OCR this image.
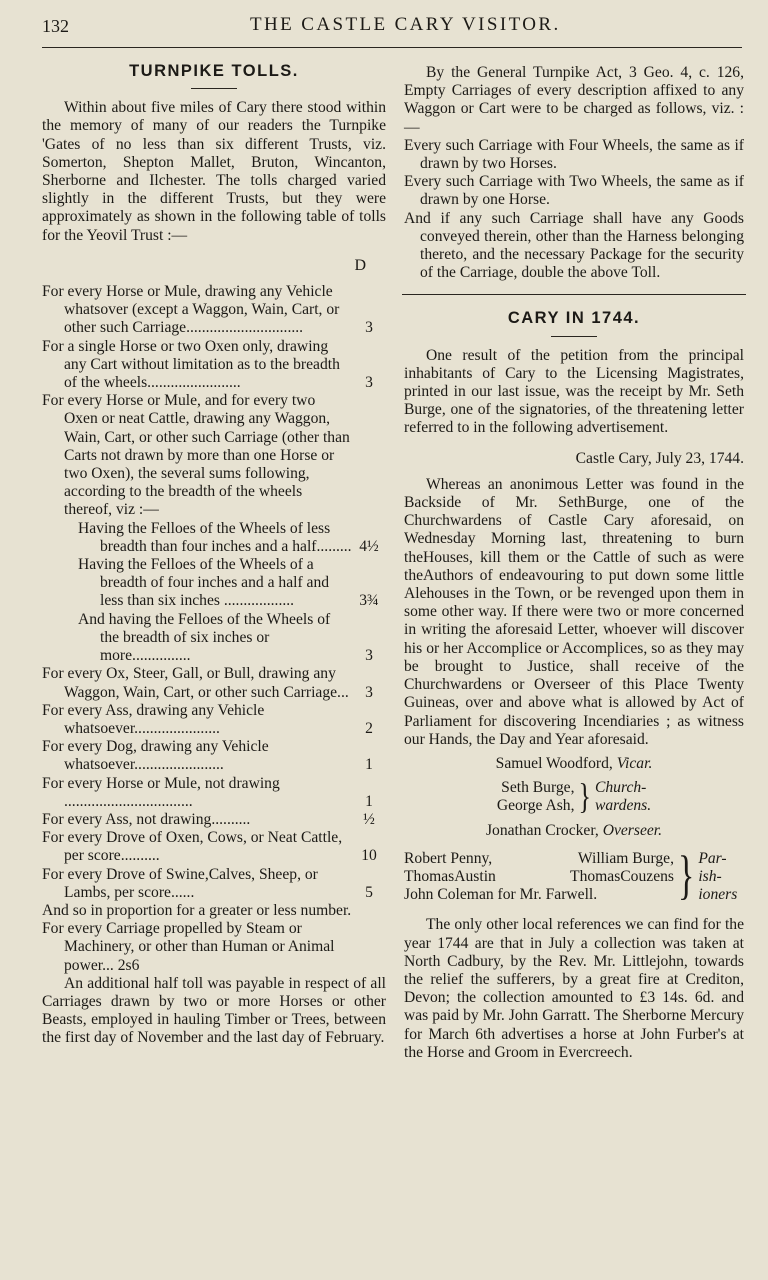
132	THE CASTLE CARY VISITOR.
TURNPIKE TOLLS.

Within about five miles of Cary there stood within the memory of many of our readers the Turnpike 'Gates of no less than six different Trusts, viz. Somerton, Shepton Mallet, Bruton, Wincanton, Sherborne and Ilchester. The tolls charged varied slightly in the different Trusts, but they were approximately as shown in the following table of tolls for the Yeovil Trust :—

D
For every Horse or Mule, drawing any Vehicle whatsover (except a Waggon, Wain, Cart, or other such Carriage..............................	3
For a single Horse or two Oxen only, drawing any Cart without limitation as to the breadth of the wheels........................	3
For every Horse or Mule, and for every two Oxen or neat Cattle, drawing any Waggon, Wain, Cart, or other such Carriage (other than Carts not drawn by more than one Horse or two Oxen), the several sums following, according to the breadth of the wheels thereof, viz :—
Having the Felloes of the Wheels of less breadth than four inches and a half......... 4½
Having the Felloes of the Wheels of a breadth of four inches and a half and less than six inches ..................	3¾
And having the Felloes of the Wheels of the breadth of six inches or more...............	3
For every Ox, Steer, Gall, or Bull, drawing any Waggon, Wain, Cart, or other such Carriage...	3
For every Ass, drawing any Vehicle whatsoever......................	2
For every Dog, drawing any Vehicle whatsoever.......................	1
For every Horse or Mule, not drawing .................................	1
For every Ass, not drawing..........	½
For every Drove of Oxen, Cows, or Neat Cattle, per score..........	10
For every Drove of Swine,Calves, Sheep, or Lambs, per score......	5
And so in proportion for a greater or less number.
For every Carriage propelled by Steam or Machinery, or other than Human or Animal power... 2s6

An additional half toll was payable in respect of all Carriages drawn by two or more Horses or other Beasts, employed in hauling Timber or Trees, between the first day of November and the last day of February.

By the General Turnpike Act, 3 Geo. 4, c. 126, Empty Carriages of every description affixed to any Waggon or Cart were to be charged as follows, viz. :—

Every such Carriage with Four Wheels, the same as if drawn by two Horses.

Every such Carriage with Two Wheels, the same as if drawn by one Horse.

And if any such Carriage shall have any Goods conveyed therein, other than the Harness belonging thereto, and the necessary Package for the security of the Carriage, double the above Toll.

CARY IN 1744.

One result of the petition from the principal inhabitants of Cary to the Licensing Magistrates, printed in our last issue, was the receipt by Mr. Seth Burge, one of the signatories, of the threatening letter referred to in the following advertisement.

Castle Cary, July 23, 1744.

Whereas an anonimous Letter was found in the Backside of Mr. SethBurge, one of the Churchwardens of Castle Cary aforesaid, on Wednesday Morning last, threatening to burn theHouses, kill them or the Cattle of such as were theAuthors of endeavouring to put down some little Alehouses in the Town, or be revenged upon them in some other way. If there were two or more concerned in writing the aforesaid Letter, whoever will discover his or her Accomplice or Accomplices, so as they may be brought to Justice, shall receive of the Churchwardens or Overseer of this Place Twenty Guineas, over and above what is allowed by Act of Parliament for discovering Incendiaries ; as witness our Hands, the Day and Year aforesaid.

Samuel Woodford, Vicar.
Seth Burge,
George Ash, } Church-
wardens.
Jonathan Crocker, Overseer.
Robert Penny,	William Burge,
ThomasAustin	ThomasCouzens
John Coleman for Mr. Farwell. } Par-
ish-
ioners

The only other local references we can find for the year 1744 are that in July a collection was taken at North Cadbury, by the Rev. Mr. Littlejohn, towards the relief the sufferers, by a great fire at Crediton, Devon; the collection amounted to £3 14s. 6d. and was paid by Mr. John Garratt. The Sherborne Mercury for March 6th advertises a horse at John Furber's at the Horse and Groom in Evercreech.
